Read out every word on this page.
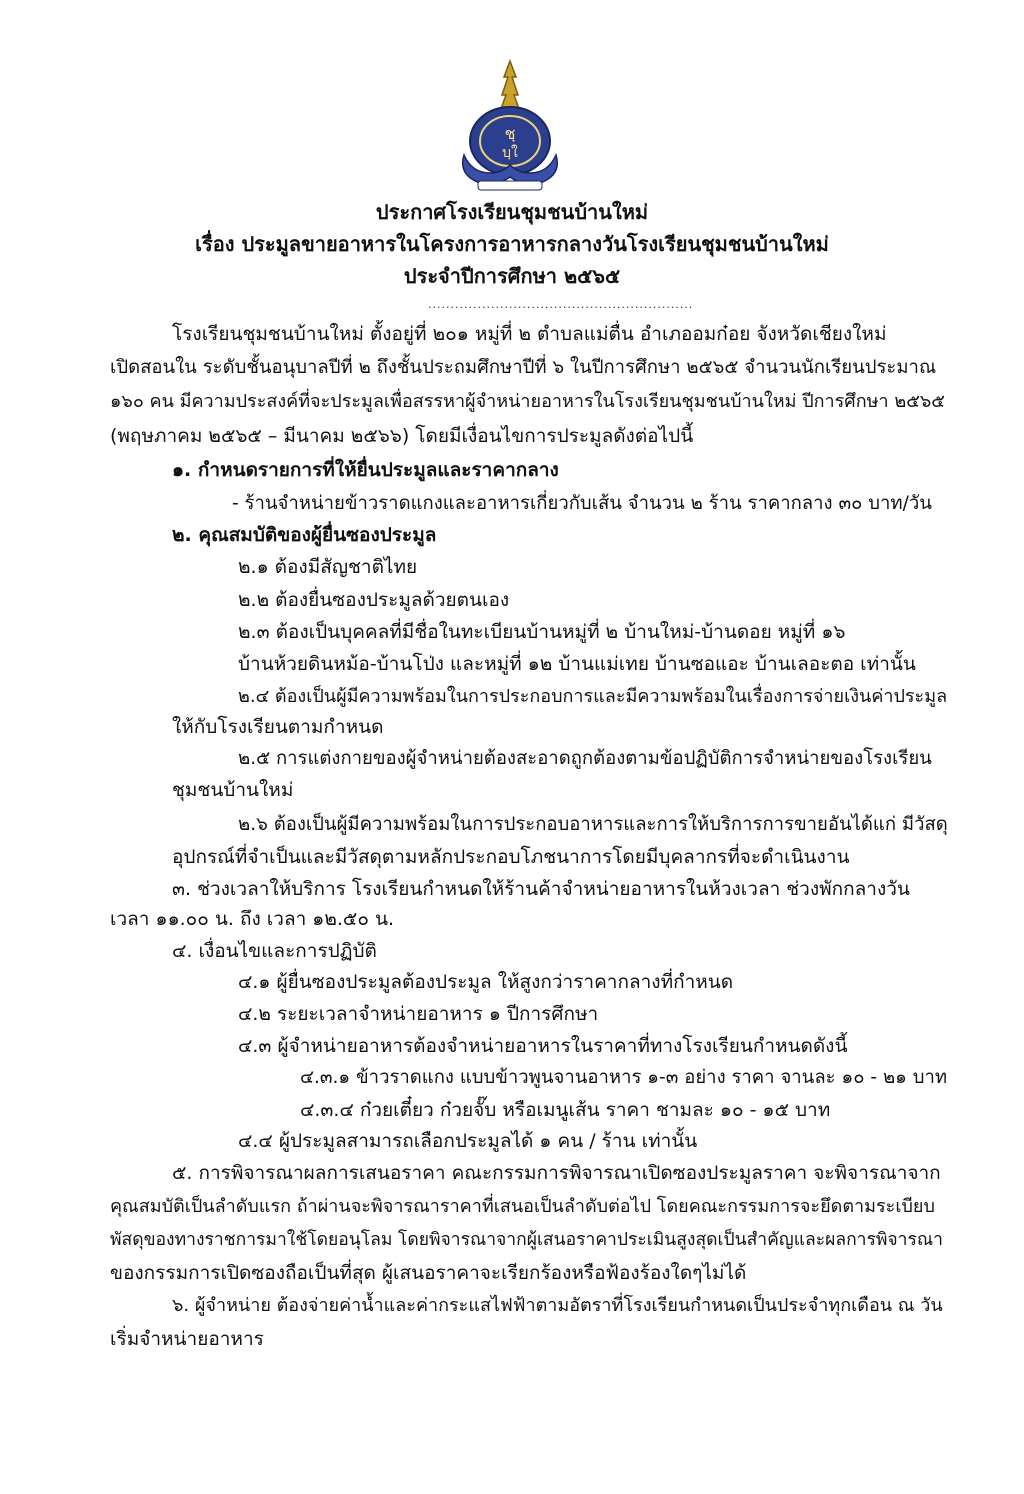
ชฺ
บฺใ
ประกาศโรงเรียนชุมชนบ้านใหม่
เรื่อง ประมูลขายอาหารในโครงการอาหารกลางวันโรงเรียนชุมชนบ้านใหม่
ประจำปีการศึกษา ๒๕๖๕
...........................................................
โรงเรียนชุมชนบ้านใหม่ ตั้งอยู่ที่ ๒๐๑ หมู่ที่ ๒ ตำบลแม่ตื่น อำเภออมก๋อย จังหวัดเชียงใหม่
เปิดสอนใน ระดับชั้นอนุบาลปีที่ ๒ ถึงชั้นประถมศึกษาปีที่ ๖ ในปีการศึกษา ๒๕๖๕ จำนวนนักเรียนประมาณ
๑๖๐ คน มีความประสงค์ที่จะประมูลเพื่อสรรหาผู้จำหน่ายอาหารในโรงเรียนชุมชนบ้านใหม่ ปีการศึกษา ๒๕๖๕
(พฤษภาคม ๒๕๖๕ – มีนาคม ๒๕๖๖) โดยมีเงื่อนไขการประมูลดังต่อไปนี้
๑. กำหนดรายการที่ให้ยื่นประมูลและราคากลาง
- ร้านจำหน่ายข้าวราดแกงและอาหารเกี่ยวกับเส้น จำนวน ๒ ร้าน ราคากลาง ๓๐ บาท/วัน
๒. คุณสมบัติของผู้ยื่นซองประมูล
๒.๑ ต้องมีสัญชาติไทย
๒.๒ ต้องยื่นซองประมูลด้วยตนเอง
๒.๓ ต้องเป็นบุคคลที่มีชื่อในทะเบียนบ้านหมู่ที่ ๒ บ้านใหม่-บ้านดอย หมู่ที่ ๑๖
บ้านห้วยดินหม้อ-บ้านโป่ง และหมู่ที่ ๑๒ บ้านแม่เทย บ้านซอแอะ บ้านเลอะตอ เท่านั้น
๒.๔ ต้องเป็นผู้มีความพร้อมในการประกอบการและมีความพร้อมในเรื่องการจ่ายเงินค่าประมูล
ให้กับโรงเรียนตามกำหนด
๒.๕ การแต่งกายของผู้จำหน่ายต้องสะอาดถูกต้องตามข้อปฏิบัติการจำหน่ายของโรงเรียน
ชุมชนบ้านใหม่
๒.๖ ต้องเป็นผู้มีความพร้อมในการประกอบอาหารและการให้บริการการขายอันได้แก่ มีวัสดุ
อุปกรณ์ที่จำเป็นและมีวัสดุตามหลักประกอบโภชนาการโดยมีบุคลากรที่จะดำเนินงาน
๓. ช่วงเวลาให้บริการ โรงเรียนกำหนดให้ร้านค้าจำหน่ายอาหารในห้วงเวลา ช่วงพักกลางวัน
เวลา ๑๑.๐๐ น. ถึง เวลา ๑๒.๕๐ น.
๔. เงื่อนไขและการปฏิบัติ
๔.๑ ผู้ยื่นซองประมูลต้องประมูล ให้สูงกว่าราคากลางที่กำหนด
๔.๒ ระยะเวลาจำหน่ายอาหาร ๑ ปีการศึกษา
๔.๓ ผู้จำหน่ายอาหารต้องจำหน่ายอาหารในราคาที่ทางโรงเรียนกำหนดดังนี้
๔.๓.๑ ข้าวราดแกง แบบข้าวพูนจานอาหาร ๑-๓ อย่าง ราคา จานละ ๑๐ - ๒๑ บาท
๔.๓.๔ ก๋วยเตี๋ยว ก๋วยจั๊บ หรือเมนูเส้น ราคา ชามละ ๑๐ - ๑๕ บาท
๔.๔ ผู้ประมูลสามารถเลือกประมูลได้ ๑ คน / ร้าน เท่านั้น
๕. การพิจารณาผลการเสนอราคา คณะกรรมการพิจารณาเปิดซองประมูลราคา จะพิจารณาจาก
คุณสมบัติเป็นลำดับแรก ถ้าผ่านจะพิจารณาราคาที่เสนอเป็นลำดับต่อไป โดยคณะกรรมการจะยึดตามระเบียบ
พัสดุของทางราชการมาใช้โดยอนุโลม โดยพิจารณาจากผู้เสนอราคาประเมินสูงสุดเป็นสำคัญและผลการพิจารณา
ของกรรมการเปิดซองถือเป็นที่สุด ผู้เสนอราคาจะเรียกร้องหรือฟ้องร้องใดๆไม่ได้
๖. ผู้จำหน่าย ต้องจ่ายค่าน้ำและค่ากระแสไฟฟ้าตามอัตราที่โรงเรียนกำหนดเป็นประจำทุกเดือน ณ วัน
เริ่มจำหน่ายอาหาร
